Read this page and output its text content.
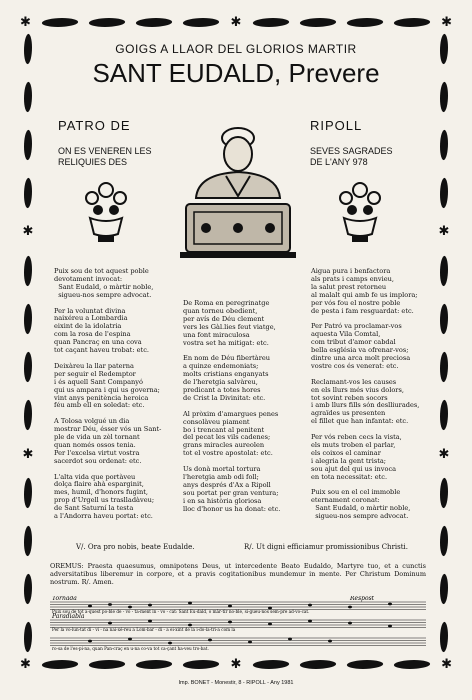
✱	✱	✱
✱	✱	✱
✱
✱
✱
✱
GOIGS A LLAOR DEL GLORIOS MARTIR
SANT EUDALD, Prevere
PATRO DE	RIPOLL
ON ES VENEREN LES
RELIQUIES DES
SEVES SAGRADES
DE L'ANY 978
Puix sou de tot aquest poble
devotament invocat:
Sant Eudald, o màrtir noble,
sigueu-nos sempre advocat.

Per la voluntat divina
naixéreu a Lombardia
eixint de la idolatria
com la rosa de l'espina
quan Pancraç en una cova
tot caçant haveu trobat: etc.

Deixàreu la llar paterna
per seguir el Redemptor
i és aquell Sant Companyó
qui us ampara i qui us governa;
vint anys penitència heroica
féu amb ell en soledat: etc.

A Tolosa volgué un dia
mostrar Déu, ésser vós un Sant-
ple de vida un zèl tornant
quan només ossos tenia.
Per l'excelsa virtut vostra
sacerdot sou ordenat: etc.

L'alta vida que portàveu
dolça flaire ahà esparginit,
mes, humil, d'honors fugint,
prop d'Urgell us traslladàveu;
de Sant Saturní la testa
a l'Andorra haveu portat: etc.
De Roma en peregrinatge
quan torneu obedient,
per avís de Déu clement
vers les Gàl.lies feut viatge,
una font miraculosa
vostra set ha mitigat: etc.

En nom de Déu fibertàreu
a quinze endemoniats;
molts cristians enganyats
de l'heretgia salvàreu,
predicant a totes hores
de Crist la Divinitat: etc.

Al pròxim d'amargues penes
consolàveu piament
bo i trencant al penitent
del pecat les vils cadenes;
grans miracles aureolen
tot el vostre apostolat: etc.

Us donà mortal tortura
l'heretgia amb odi foll;
anys després d'Ax a Ripoll
sou portat per gran ventura;
i en sa història gloriosa
lloc d'honor us ha donat: etc.
Aigua pura i benfactora
als prats i camps envieu,
la salut prest retorneu
al malalt qui amb fe us implora;
per vós fou el nostre poble
de pesta i fam resguardat: etc.

Per Patró va proclamar-vos
aquesta Vila Comtal,
com tribut d'amor cabdal
bella església va ofrenar-vos;
dintre una arca molt preciosa
vostre cos és venerat: etc.

Reclamant-vos les causes
en els llurs més vius dolors,
tot sovint reben socors
i amb llurs fills són deslliurades,
agraïdes us presenten
el fillet que han infantat: etc.

Per vós reben cecs la vista,
els muts troben el parlar,
els coixos el caminar
i alegria la gent trista;
sou ajut del qui us invoca
en tota necessitat: etc.

Puix sou en el cel immoble
eternament coronat:
Sant Eudald, o màrtir noble,
sigueu-nos sempre advocat.
V/. Ora pro nobis, beate Eudalde.	R/. Ut digni efficiamur promissionibus Christi.
OREMUS: Praesta quaesumus, omnipotens Deus, ut intercedente Beato Eudaldo, Martyre tuo, et a cunctis adversitatibus liberemur in corpore, et a pravis cogitationibus mundemur in mente. Per Christum Dominum nostrum. R/. Amen.
Tornada	Respost
Paradiabla
Puix sou de tot a-quest po-ble de - vo - ta-ment in - vo - cat: Sant Eu-dald, o màr-tir no-ble, si-gueu-nos sem-pre ad-vo-cat.
Per la vo-lun-tat di - vi - na nai-xé-reu a Lom-bar - di - a ei-xint de la i-do-la-tri-a com la
ro-sa de l'es-pi-na, quan Pan-craç en u-na co-va tot ca-çant ha-veu tro-bat.
Imp. BONET - Monestir, 8 - RIPOLL - Any 1981
